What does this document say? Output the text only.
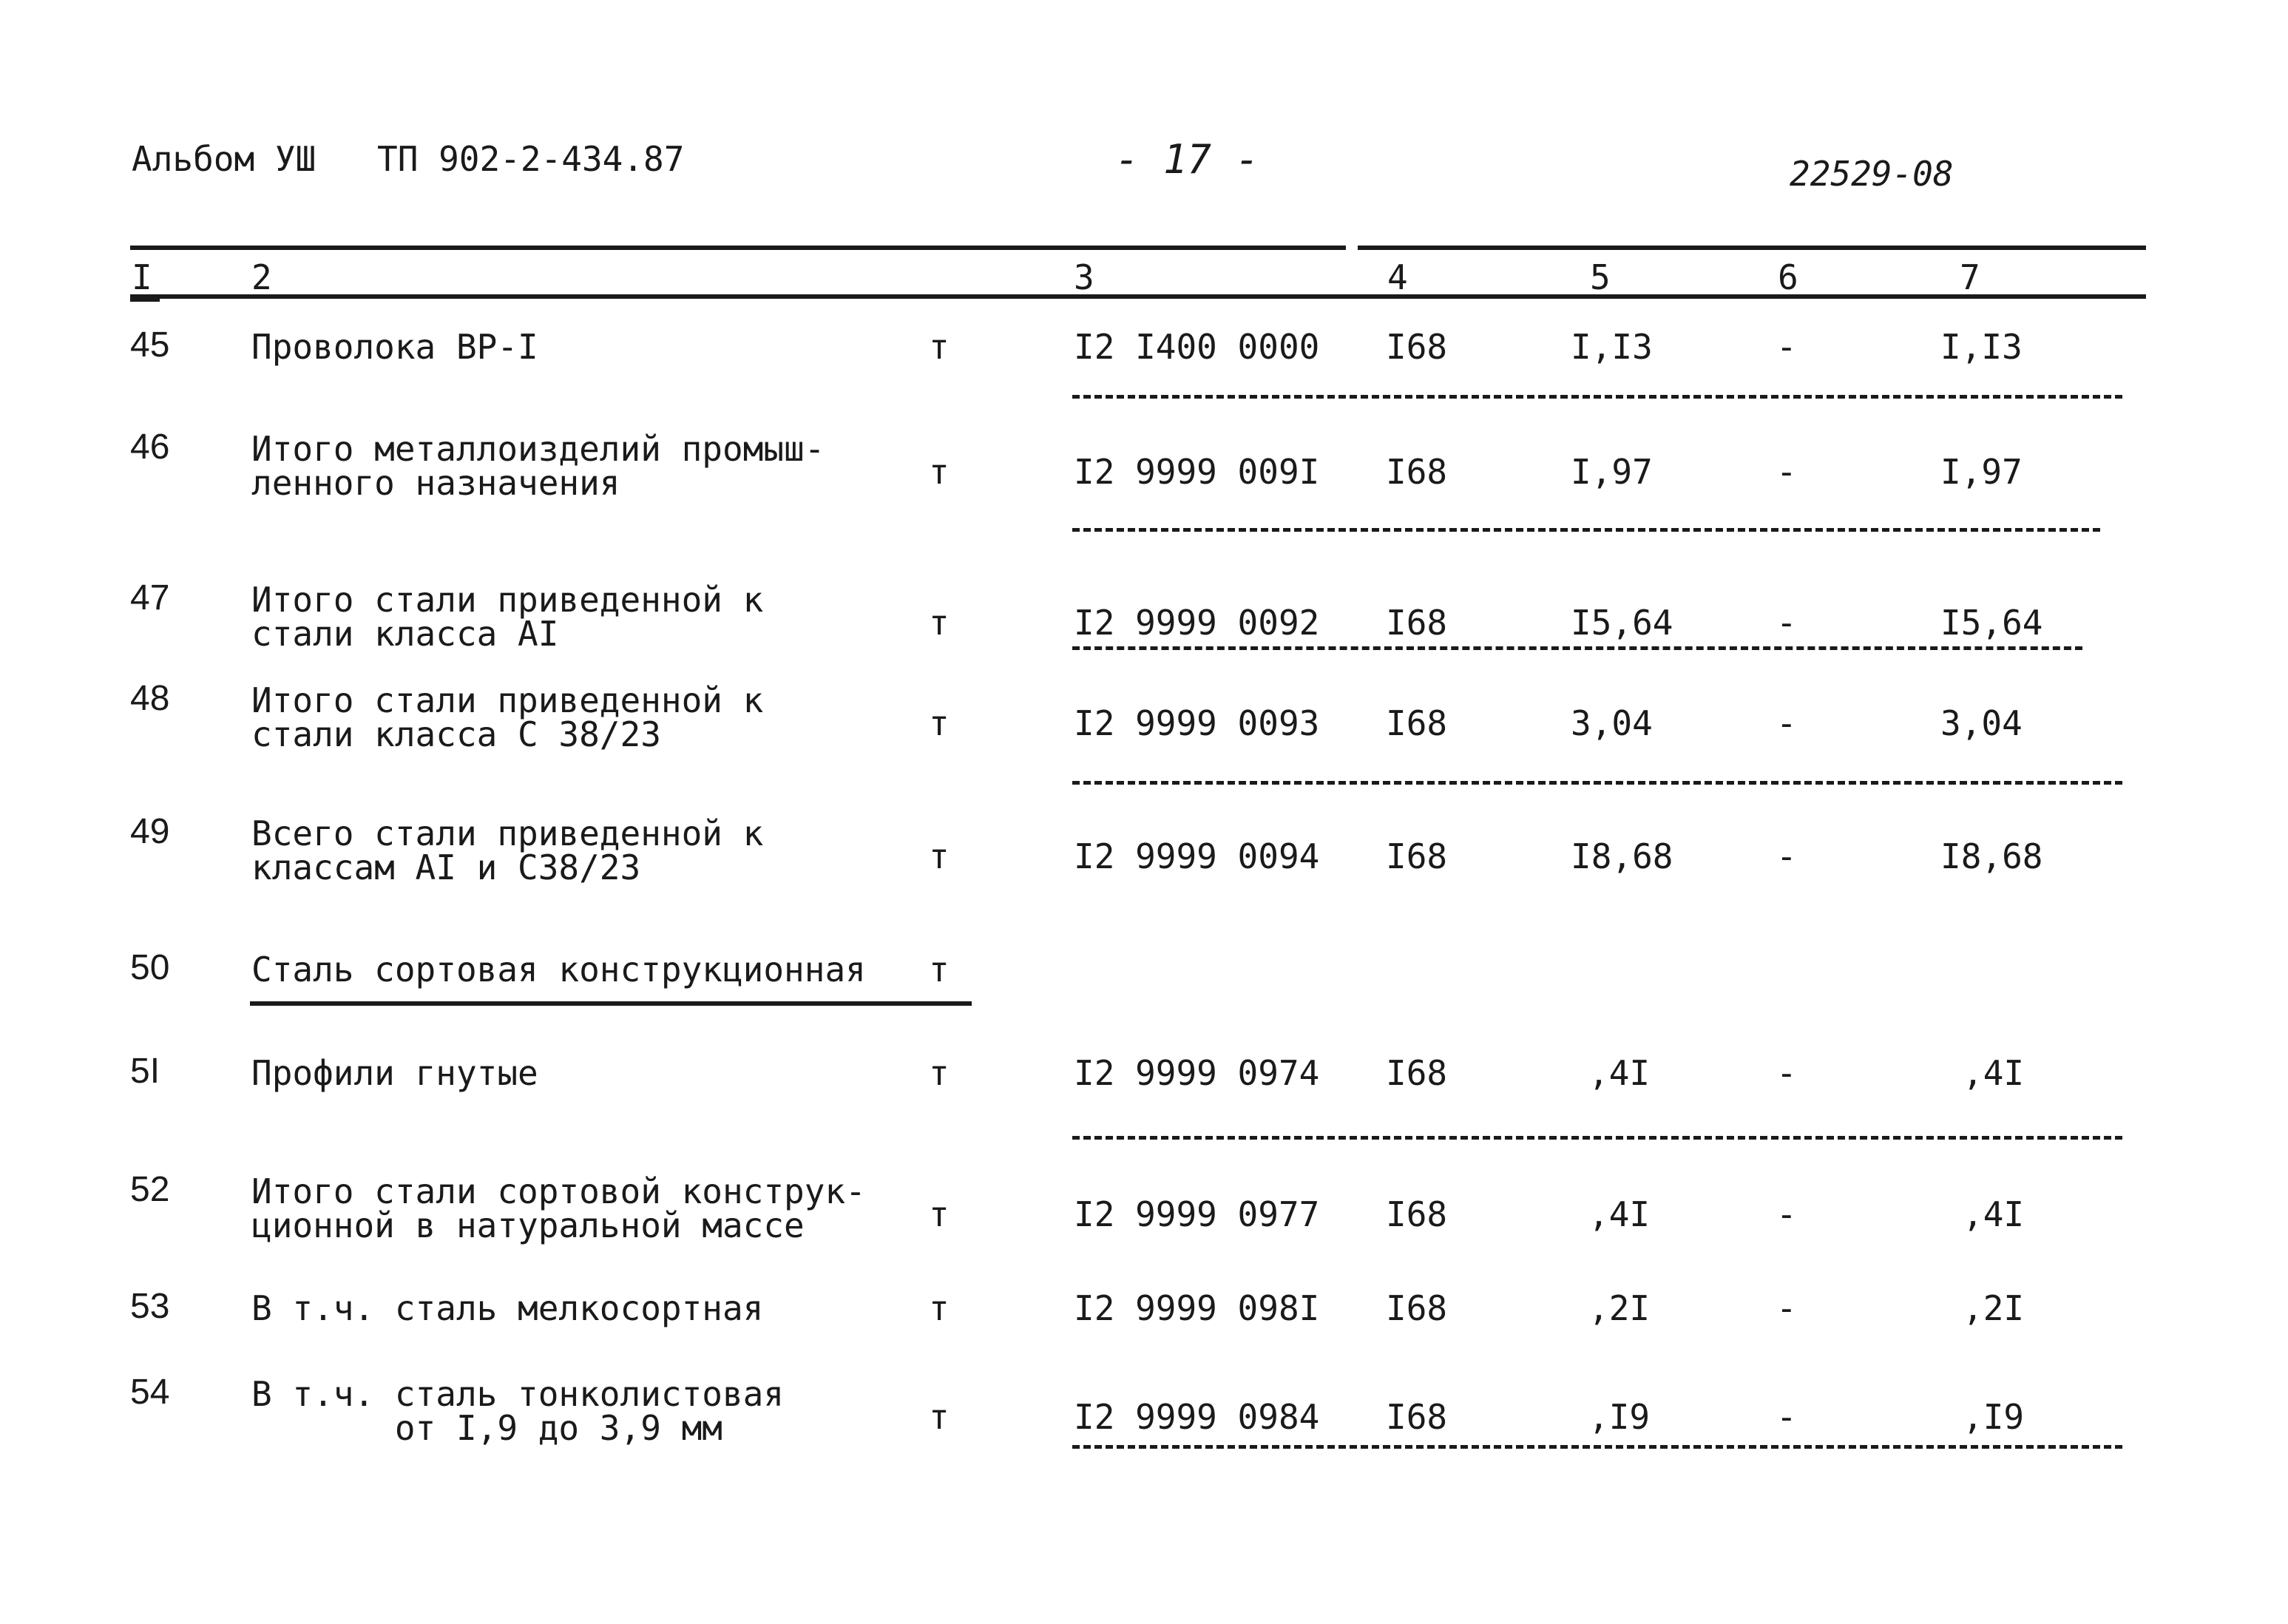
Альбом УШ ТП 902-2-434.87	- 17 -	22529-08
I	2	3	4	5	6	7
45 Проволока ВР-I	т	I2 I400 0000 I68	I,I3	-	I,I3
46 Итого металлоизделий промыш-
ленного назначения	т	I2 9999 009I I68	I,97	-	I,97
47 Итого стали приведенной к
стали класса AI	т	I2 9999 0092 I68	I5,64	-	I5,64
48 Итого стали приведенной к
стали класса С 38/23	т	I2 9999 0093 I68	3,04	-	3,04
49 Всего стали приведенной к
классам AI и С38/23	т	I2 9999 0094 I68	I8,68	-	I8,68
50 Сталь сортовая конструкционная т
5I	Профили гнутые	т	I2 9999 0974 I68	,4I	-	,4I
52 Итого стали сортовой конструк-
ционной в натуральной массе	т	I2 9999 0977 I68	,4I	-	,4I
53 В т.ч. сталь мелкосортная	т	I2 9999 098I I68	,2I	-	,2I
54 В т.ч. сталь тонколистовая
от I,9 до 3,9 мм	т	I2 9999 0984 I68	,I9	-	,I9
